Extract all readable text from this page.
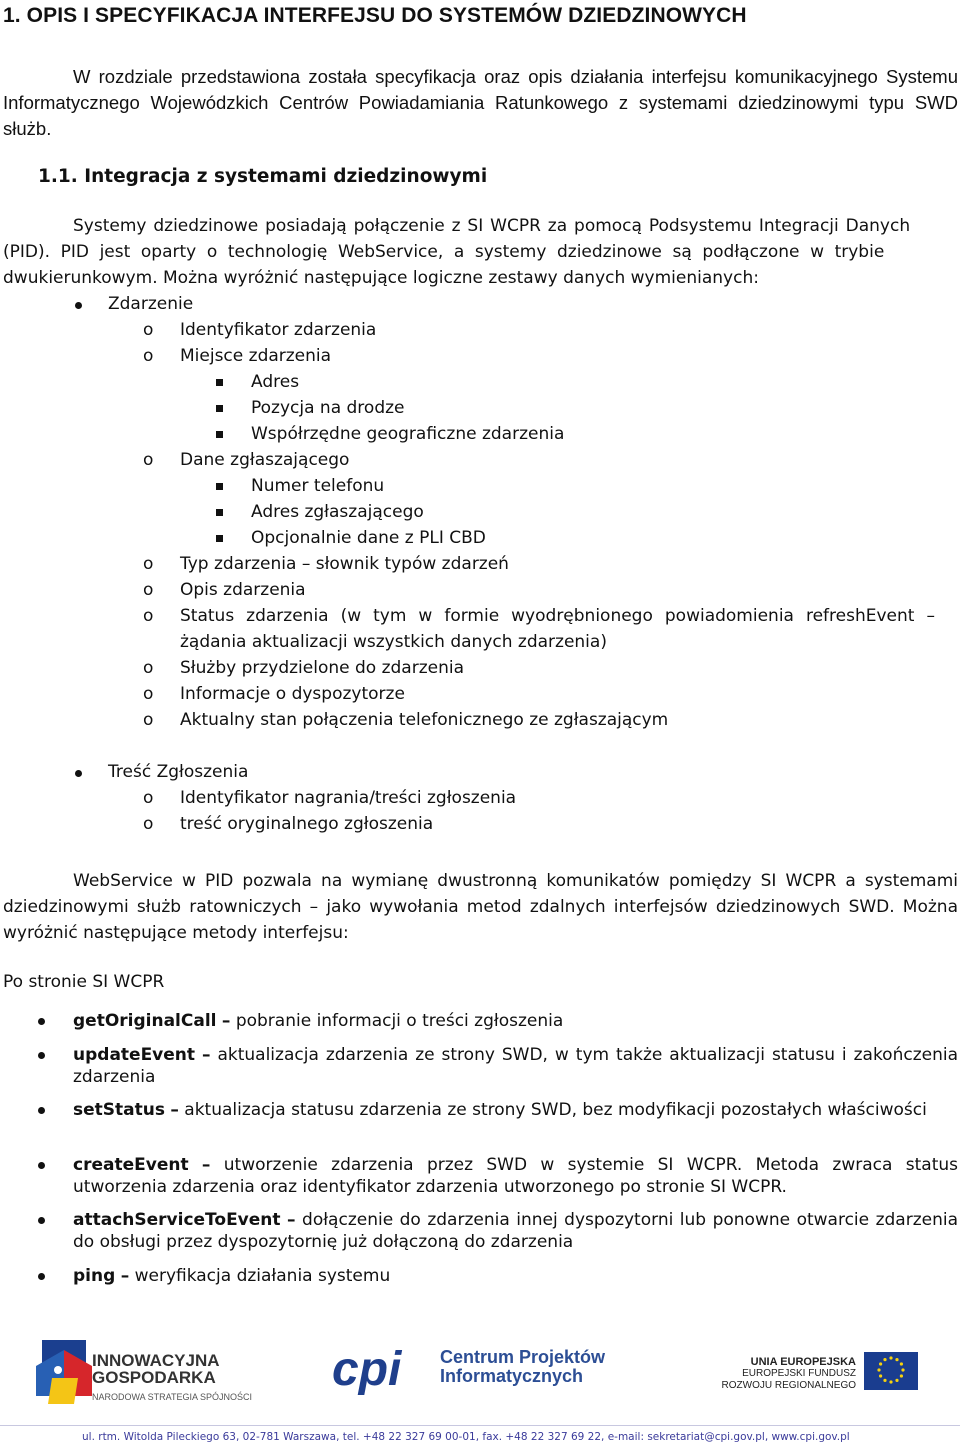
1. OPIS I SPECYFIKACJA INTERFEJSU DO SYSTEMÓW DZIEDZINOWYCH
W rozdziale przedstawiona została specyfikacja oraz opis działania interfejsu komunikacyjnego Systemu Informatycznego Wojewódzkich Centrów Powiadamiania Ratunkowego z systemami dziedzinowymi typu SWD służb.
1.1. Integracja z systemami dziedzinowymi
Systemy dziedzinowe posiadają połączenie z SI WCPR za pomocą Podsystemu Integracji Danych
(PID). PID jest oparty o technologię WebService, a systemy dziedzinowe są podłączone w trybie
dwukierunkowym. Można wyróżnić następujące logiczne zestawy danych wymienianych:
Zdarzenie
o Identyfikator zdarzenia
o Miejsce zdarzenia
Adres
Pozycja na drodze
Współrzędne geograficzne zdarzenia
o Dane zgłaszającego
Numer telefonu
Adres zgłaszającego
Opcjonalnie dane z PLI CBD
o Typ zdarzenia – słownik typów zdarzeń
o Opis zdarzenia
o Status zdarzenia (w tym w formie wyodrębnionego powiadomienia refreshEvent –
żądania aktualizacji wszystkich danych zdarzenia)
o Służby przydzielone do zdarzenia
o Informacje o dyspozytorze
o Aktualny stan połączenia telefonicznego ze zgłaszającym
Treść Zgłoszenia
o Identyfikator nagrania/treści zgłoszenia
o treść oryginalnego zgłoszenia
WebService w PID pozwala na wymianę dwustronną komunikatów pomiędzy SI WCPR a systemami dziedzinowymi służb ratowniczych – jako wywołania metod zdalnych interfejsów dziedzinowych SWD. Można wyróżnić następujące metody interfejsu:
Po stronie SI WCPR
getOriginalCall – pobranie informacji o treści zgłoszenia
updateEvent – aktualizacja zdarzenia ze strony SWD, w tym także aktualizacji statusu i zakończenia zdarzenia
setStatus – aktualizacja statusu zdarzenia ze strony SWD, bez modyfikacji pozostałych właściwości
createEvent – utworzenie zdarzenia przez SWD w systemie SI WCPR. Metoda zwraca status utworzenia zdarzenia oraz identyfikator zdarzenia utworzonego po stronie SI WCPR.
attachServiceToEvent – dołączenie do zdarzenia innej dyspozytorni lub ponowne otwarcie zdarzenia do obsługi przez dyspozytornię już dołączoną do zdarzenia
ping – weryfikacja działania systemu
INNOWACYJNA
GOSPODARKA
NARODOWA STRATEGIA SPÓJNOŚCI
cpi Centrum Projektów
Informatycznych
UNIA EUROPEJSKA
EUROPEJSKI FUNDUSZ
ROZWOJU REGIONALNEGO
ul. rtm. Witolda Pileckiego 63, 02-781 Warszawa, tel. +48 22 327 69 00-01, fax. +48 22 327 69 22, e-mail: sekretariat@cpi.gov.pl, www.cpi.gov.pl
